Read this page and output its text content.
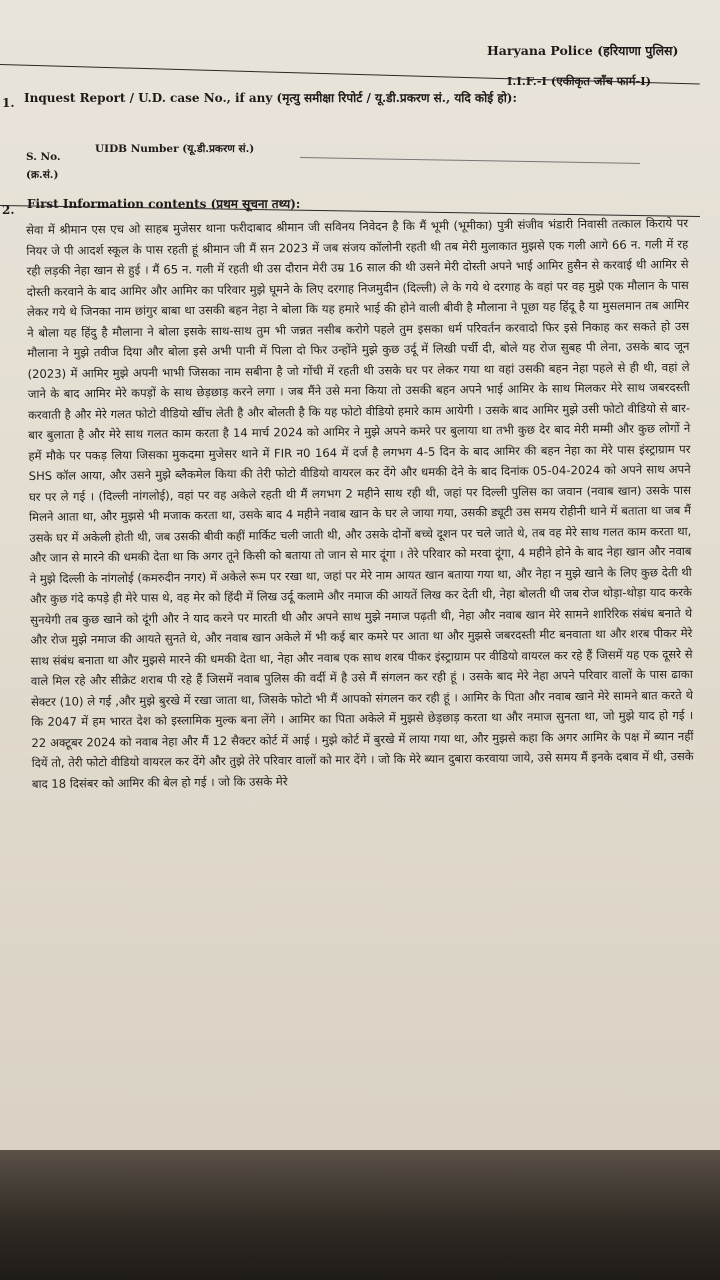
Haryana Police (हरियाणा पुलिस)
I.I.F.-I (एकीकृत जाँच फार्म-I)
1. Inquest Report / U.D. case No., if any (मृत्यु समीक्षा रिपोर्ट / यू.डी.प्रकरण सं., यदि कोई हो):
S. No.
(क्र.सं.)
UIDB Number (यू.डी.प्रकरण सं.)
2. First Information contents (प्रथम सूचना तथ्य):
सेवा में श्रीमान एस एच ओ साहब मुजेसर थाना फरीदाबाद श्रीमान जी सविनय निवेदन है कि मैं भूमी (भूमीका) पुत्री संजीव भंडारी निवासी तत्काल किराये पर नियर जे पी आदर्श स्कूल के पास रहती हूं श्रीमान जी मैं सन 2023 में जब संजय कॉलोनी रहती थी तब मेरी मुलाकात मुझसे एक गली आगे 66 न. गली में रह रही लड़की नेहा खान से हुई । मैं 65 न. गली में रहती थी उस दौरान मेरी उम्र 16 साल की थी उसने मेरी दोस्ती अपने भाई आमिर हुसैन से करवाई थी आमिर से दोस्ती करवाने के बाद आमिर और आमिर का परिवार मुझे घूमने के लिए दरगाह निजमुदीन (दिल्ली) ले के गये थे दरगाह के वहां पर वह मुझे एक मौलान के पास लेकर गये थे जिनका नाम छांगुर बाबा था उसकी बहन नेहा ने बोला कि यह हमारे भाई की होने वाली बीवी है मौलाना ने पूछा यह हिंदू है या मुसलमान तब आमिर ने बोला यह हिंदु है मौलाना ने बोला इसके साथ-साथ तुम भी जन्नत नसीब करोगे पहले तुम इसका धर्म परिवर्तन करवादो फिर इसे निकाह कर सकते हो उस मौलाना ने मुझे तवीज दिया और बोला इसे अभी पानी में पिला दो फिर उन्होंने मुझे कुछ उर्दू में लिखी पर्ची दी, बोले यह रोज सुबह पी लेना, उसके बाद जून (2023) में आमिर मुझे अपनी भाभी जिसका नाम सबीना है जो गोंची में रहती थी उसके घर पर लेकर गया था वहां उसकी बहन नेहा पहले से ही थी, वहां ले जाने के बाद आमिर मेरे कपड़ों के साथ छेड़छाड़ करने लगा । जब मैंने उसे मना किया तो उसकी बहन अपने भाई आमिर के साथ मिलकर मेरे साथ जबरदस्ती करवाती है और मेरे गलत फोटो वीडियो खींच लेती है और बोलती है कि यह फोटो वीडियो हमारे काम आयेगी । उसके बाद आमिर मुझे उसी फोटो वीडियो से बार-बार बुलाता है और मेरे साथ गलत काम करता है 14 मार्च 2024 को आमिर ने मुझे अपने कमरे पर बुलाया था तभी कुछ देर बाद मेरी मम्मी और कुछ लोगों ने हमें मौके पर पकड़ लिया जिसका मुकदमा मुजेसर थाने में FIR न0 164 में दर्ज है लगभग 4-5 दिन के बाद आमिर की बहन नेहा का मेरे पास इंस्ट्राग्राम पर SHS कॉल आया, और उसने मुझे ब्लैकमेल किया की तेरी फोटो वीडियो वायरल कर देंगे और धमकी देने के बाद दिनांक 05-04-2024 को अपने साथ अपने घर पर ले गई । (दिल्ली नांगलोई), वहां पर वह अकेले रहती थी मैं लगभग 2 महीने साथ रही थी, जहां पर दिल्ली पुलिस का जवान (नवाब खान) उसके पास मिलने आता था, और मुझसे भी मजाक करता था, उसके बाद 4 महीने नवाब खान के घर ले जाया गया, उसकी ड्यूटी उस समय रोहीनी थाने में बताता था जब मैं उसके घर में अकेली होती थी, जब उसकी बीवी कहीं मार्किट चली जाती थी, और उसके दोनों बच्चे दूशन पर चले जाते थे, तब वह मेरे साथ गलत काम करता था, और जान से मारने की धमकी देता था कि अगर तूने किसी को बताया तो जान से मार दूंगा । तेरे परिवार को मरवा दूंगा, 4 महीने होने के बाद नेहा खान और नवाब ने मुझे दिल्ली के नांगलोई (कमरुदीन नगर) में अकेले रूम पर रखा था, जहां पर मेरे नाम आयत खान बताया गया था, और नेहा न मुझे खाने के लिए कुछ देती थी और कुछ गंदे कपड़े ही मेरे पास थे, वह मेर को हिंदी में लिख उर्दू कलामे और नमाज की आयतें लिख कर देती थी, नेहा बोलती थी जब रोज थोड़ा-थोड़ा याद करके सुनयेगी तब कुछ खाने को दूंगी और ने याद करने पर मारती थी और अपने साथ मुझे नमाज पढ़ती थी, नेहा और नवाब खान मेरे सामने शारिरिक संबंध बनाते थे और रोज मुझे नमाज की आयते सुनते थे, और नवाब खान अकेले में भी कई बार कमरे पर आता था और मुझसे जबरदस्ती मीट बनवाता था और शरब पीकर मेरे साथ संबंध बनाता था और मुझसे मारने की धमकी देता था, नेहा और नवाब एक साथ शरब पीकर इंस्ट्राग्राम पर वीडियो वायरल कर रहे हैं जिसमें यह एक दूसरे से वाले मिल रहे और सीक्रेट शराब पी रहे हैं जिसमें नवाब पुलिस की वर्दी में है उसे मैं संगलन कर रही हूं । उसके बाद मेरे नेहा अपने परिवार वालों के पास ढाका सेक्टर (10) ले गई ,और मुझे बुरखे में रखा जाता था, जिसके फोटो भी मैं आपको संगलन कर रही हूं । आमिर के पिता और नवाब खाने मेरे सामने बात करते थे कि 2047 में हम भारत देश को इस्लामिक मुल्क बना लेंगे । आमिर का पिता अकेले में मुझसे छेड़छाड़ करता था और नमाज सुनता था, जो मुझे याद हो गई । 22 अक्टूबर 2024 को नवाब नेहा और मैं 12 सैक्टर कोर्ट में आई । मुझे कोर्ट में बुरखे में लाया गया था, और मुझसे कहा कि अगर आमिर के पक्ष में ब्यान नहीं दियें तो, तेरी फोटो वीडियो वायरल कर देंगे और तुझे तेरे परिवार वालों को मार देंगे । जो कि मेरे ब्यान दुबारा करवाया जाये, उसे समय मैं इनके दबाव में थी, उसके बाद 18 दिसंबर को आमिर की बेल हो गई । जो कि उसके मेरे
